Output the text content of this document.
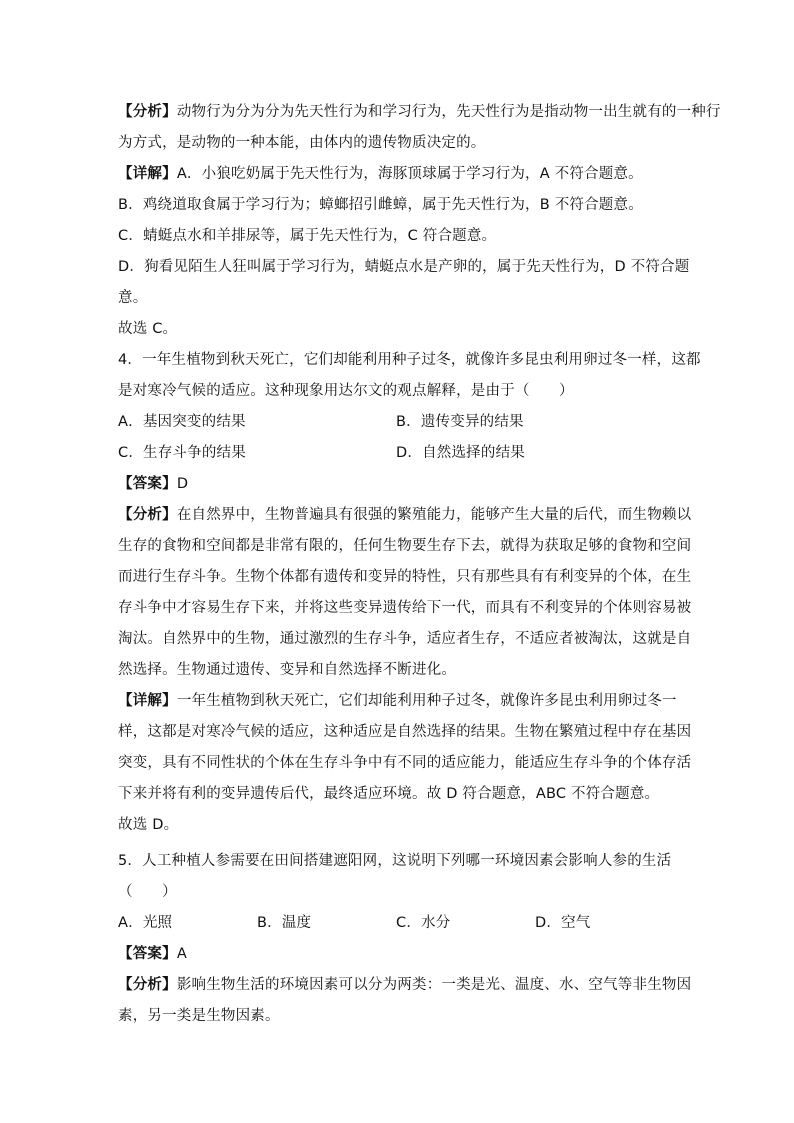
【分析】动物行为分为分为先天性行为和学习行为，先天性行为是指动物一出生就有的一种行
为方式，是动物的一种本能，由体内的遗传物质决定的。
【详解】A．小狼吃奶属于先天性行为，海豚顶球属于学习行为，A 不符合题意。
B．鸡绕道取食属于学习行为；蟑螂招引雌蟑，属于先天性行为，B 不符合题意。
C．蜻蜓点水和羊排尿等，属于先天性行为，C 符合题意。
D．狗看见陌生人狂叫属于学习行为，蜻蜓点水是产卵的，属于先天性行为，D 不符合题
意。
故选 C。
4．一年生植物到秋天死亡，它们却能利用种子过冬，就像许多昆虫利用卵过冬一样，这都
是对寒冷气候的适应。这种现象用达尔文的观点解释，是由于（　　）
A．基因突变的结果	B．遗传变异的结果
C．生存斗争的结果	D．自然选择的结果
【答案】D
【分析】在自然界中，生物普遍具有很强的繁殖能力，能够产生大量的后代，而生物赖以
生存的食物和空间都是非常有限的，任何生物要生存下去，就得为获取足够的食物和空间
而进行生存斗争。生物个体都有遗传和变异的特性，只有那些具有有利变异的个体，在生
存斗争中才容易生存下来，并将这些变异遗传给下一代，而具有不利变异的个体则容易被
淘汰。自然界中的生物，通过激烈的生存斗争，适应者生存，不适应者被淘汰，这就是自
然选择。生物通过遗传、变异和自然选择不断进化。
【详解】一年生植物到秋天死亡，它们却能利用种子过冬，就像许多昆虫利用卵过冬一
样，这都是对寒冷气候的适应，这种适应是自然选择的结果。生物在繁殖过程中存在基因
突变，具有不同性状的个体在生存斗争中有不同的适应能力，能适应生存斗争的个体存活
下来并将有利的变异遗传后代，最终适应环境。故 D 符合题意，ABC 不符合题意。
故选 D。
5．人工种植人参需要在田间搭建遮阳网，这说明下列哪一环境因素会影响人参的生活
（　　）
A．光照	B．温度	C．水分	D．空气
【答案】A
【分析】影响生物生活的环境因素可以分为两类：一类是光、温度、水、空气等非生物因
素，另一类是生物因素。
